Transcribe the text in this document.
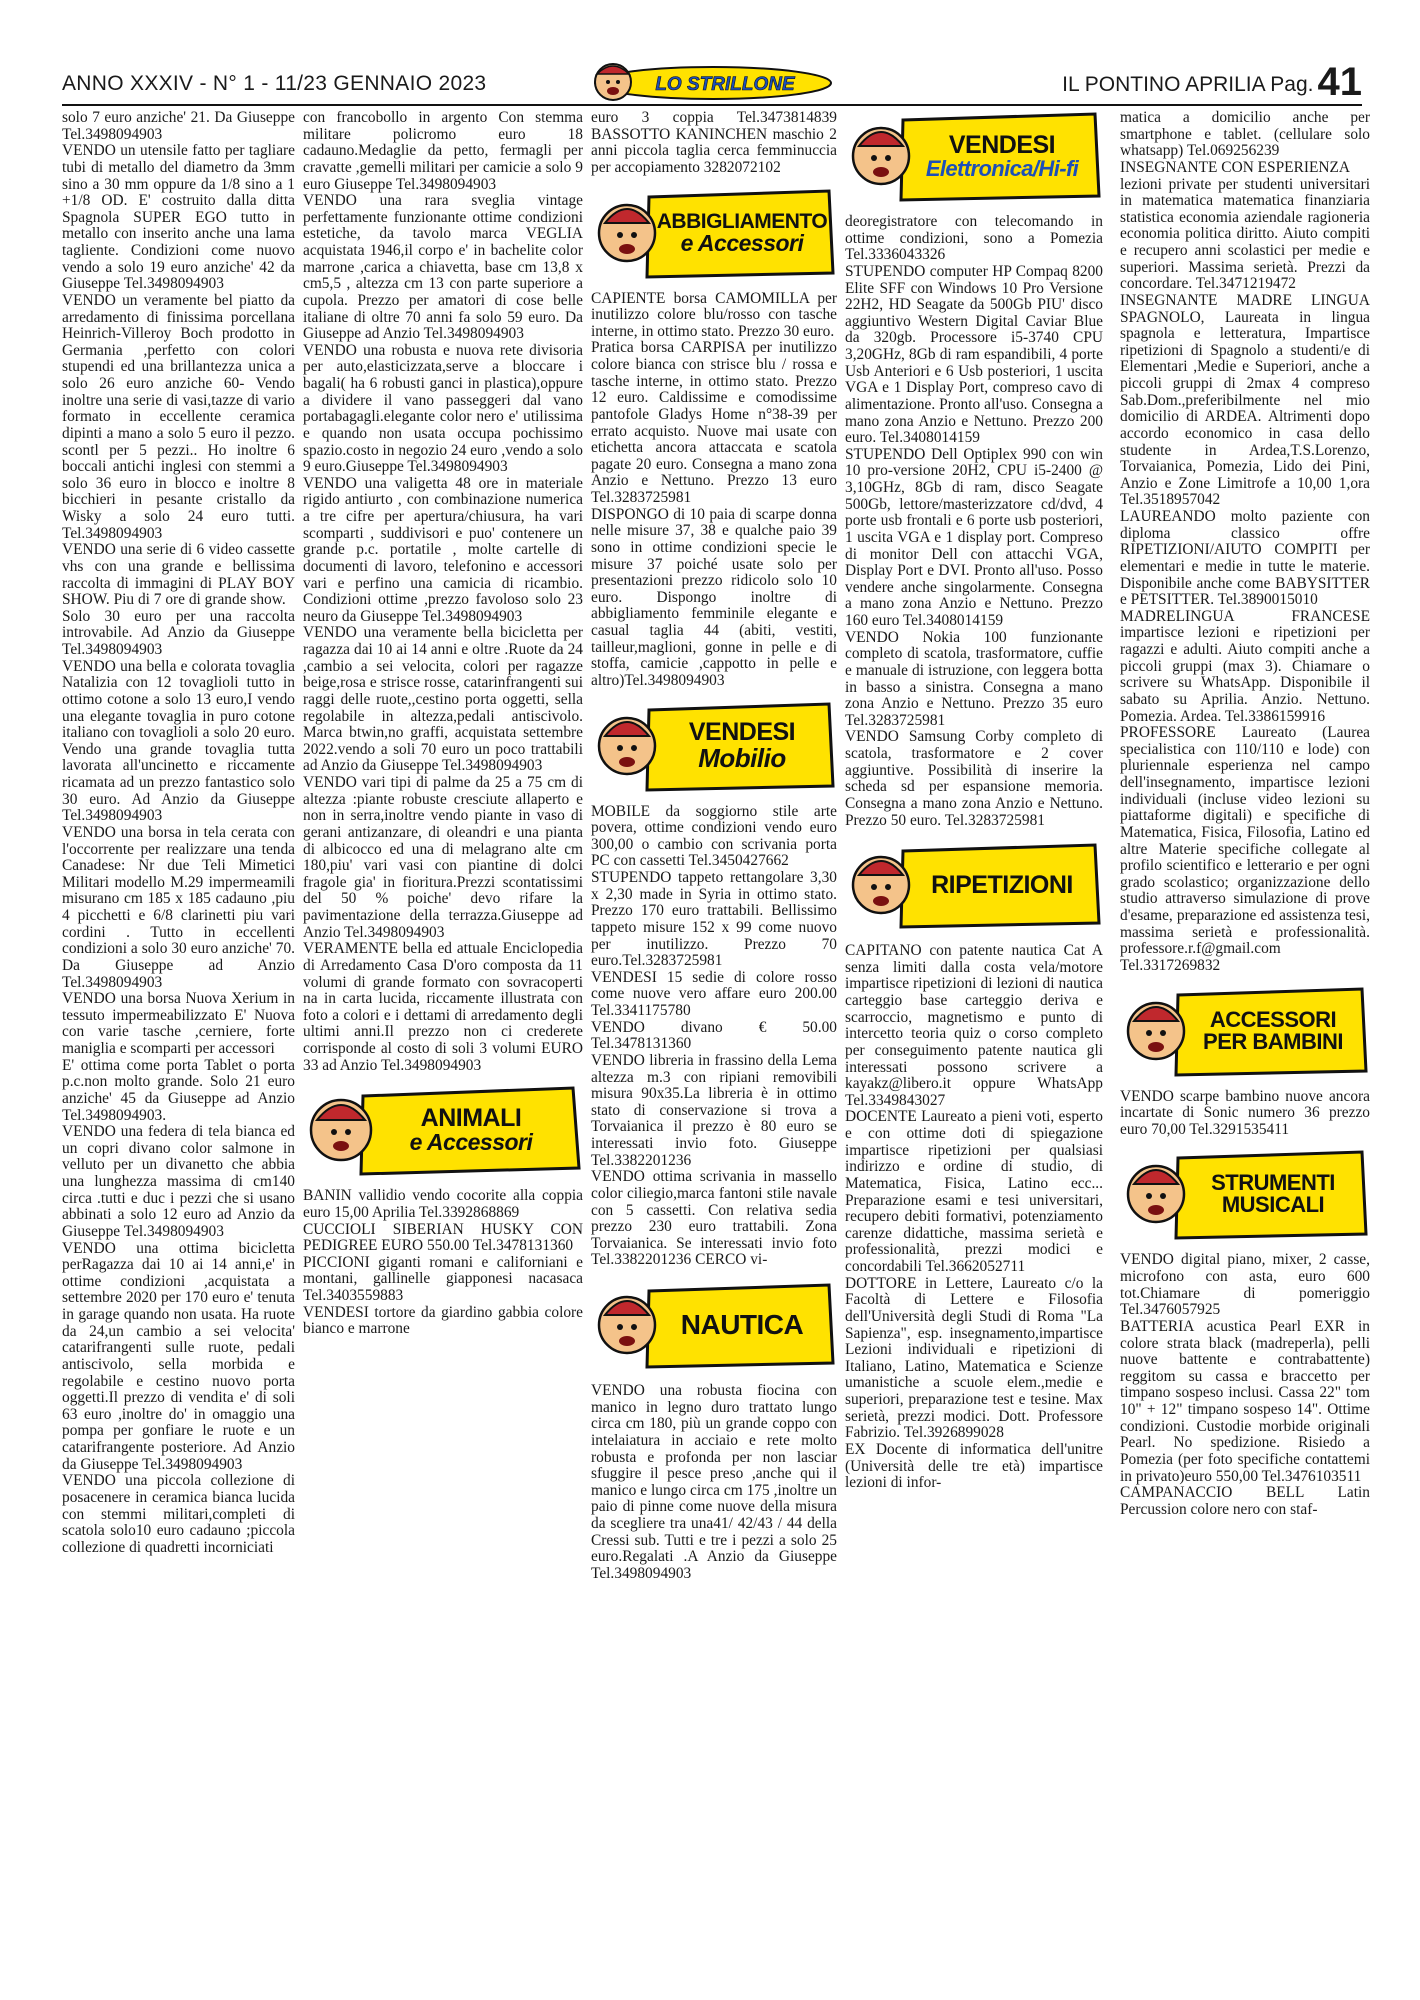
ANNO XXXIV - N° 1 - 11/23 GENNAIO 2023	IL PONTINO APRILIA Pag. 41
LO STRILLONE

solo 7 euro anziche' 21. Da Giuseppe Tel.3498094903

VENDO un utensile fatto per tagliare tubi di metallo del diametro da 3mm sino a 30 mm oppure da 1/8 sino a 1 +1/8 OD. E' costruito dalla ditta Spagnola SUPER EGO tutto in metallo con inserito anche una lama tagliente. Condizioni come nuovo vendo a solo 19 euro anziche' 42 da Giuseppe Tel.3498094903

VENDO un veramente bel piatto da arredamento di finissima porcellana Heinrich-Villeroy Boch prodotto in Germania ,perfetto con colori stupendi ed una brillantezza unica a solo 26 euro anziche 60- Vendo inoltre una serie di vasi,tazze di vario formato in eccellente ceramica dipinti a mano a solo 5 euro il pezzo. scontl per 5 pezzi.. Ho inoltre 6 boccali antichi inglesi con stemmi a solo 36 euro in blocco e inoltre 8 bicchieri in pesante cristallo da Wisky a solo 24 euro tutti. Tel.3498094903

VENDO una serie di 6 video cassette vhs con una grande e bellissima raccolta di immagini di PLAY BOY SHOW. Piu di 7 ore di grande show.

Solo 30 euro per una raccolta introvabile. Ad Anzio da Giuseppe Tel.3498094903

VENDO una bella e colorata tovaglia Natalizia con 12 tovaglioli tutto in ottimo cotone a solo 13 euro,I vendo una elegante tovaglia in puro cotone italiano con tovaglioli a solo 20 euro. Vendo una grande tovaglia tutta lavorata all'uncinetto e riccamente ricamata ad un prezzo fantastico solo 30 euro. Ad Anzio da Giuseppe Tel.3498094903

VENDO una borsa in tela cerata con l'occorrente per realizzare una tenda Canadese: Nr due Teli Mimetici Militari modello M.29 impermeamili misurano cm 185 x 185 cadauno ,piu 4 picchetti e 6/8 clarinetti piu vari cordini . Tutto in eccellenti condizioni a solo 30 euro anziche' 70. Da Giuseppe ad Anzio Tel.3498094903

VENDO una borsa Nuova Xerium in tessuto impermeabilizzato E' Nuova con varie tasche ,cerniere, forte maniglia e scomparti per accessori

E' ottima come porta Tablet o porta p.c.non molto grande. Solo 21 euro anziche' 45 da Giuseppe ad Anzio Tel.3498094903.

VENDO una federa di tela bianca ed un copri divano color salmone in velluto per un divanetto che abbia una lunghezza massima di cm140 circa .tutti e duc i pezzi che si usano abbinati a solo 12 euro ad Anzio da Giuseppe Tel.3498094903

VENDO una ottima bicicletta perRagazza dai 10 ai 14 anni,e' in ottime condizioni ,acquistata a settembre 2020 per 170 euro e' tenuta in garage quando non usata. Ha ruote da 24,un cambio a sei velocita' catarifrangenti sulle ruote, pedali antiscivolo, sella morbida e regolabile e cestino nuovo porta oggetti.Il prezzo di vendita e' di soli 63 euro ,inoltre do' in omaggio una pompa per gonfiare le ruote e un catarifrangente posteriore. Ad Anzio da Giuseppe Tel.3498094903

VENDO una piccola collezione di posacenere in ceramica bianca lucida con stemmi militari,completi di scatola solo10 euro cadauno ;piccola collezione di quadretti incorniciati

con francobollo in argento Con stemma militare policromo euro 18 cadauno.Medaglie da petto, fermagli per cravatte ,gemelli militari per camicie a solo 9 euro Giuseppe Tel.3498094903

VENDO una rara sveglia vintage perfettamente funzionante ottime condizioni estetiche, da tavolo marca VEGLIA acquistata 1946,il corpo e' in bachelite color marrone ,carica a chiavetta, base cm 13,8 x cm5,5 , altezza cm 13 con parte superiore a cupola. Prezzo per amatori di cose belle italiane di oltre 70 anni fa solo 59 euro. Da Giuseppe ad Anzio Tel.3498094903

VENDO una robusta e nuova rete divisoria per auto,elasticizzata,serve a bloccare i bagali( ha 6 robusti ganci in plastica),oppure a dividere il vano passeggeri dal vano portabagagli.elegante color nero e' utilissima e quando non usata occupa pochissimo spazio.costo in negozio 24 euro ,vendo a solo 9 euro.Giuseppe Tel.3498094903

VENDO una valigetta 48 ore in materiale rigido antiurto , con combinazione numerica a tre cifre per apertura/chiusura, ha vari scomparti , suddivisori e puo' contenere un grande p.c. portatile , molte cartelle di documenti di lavoro, telefonino e accessori vari e perfino una camicia di ricambio. Condizioni ottime ,prezzo favoloso solo 23 neuro da Giuseppe Tel.3498094903

VENDO una veramente bella bicicletta per ragazza dai 10 ai 14 anni e oltre .Ruote da 24 ,cambio a sei velocita, colori per ragazze beige,rosa e strisce rosse, catarinfrangenti sui raggi delle ruote,,cestino porta oggetti, sella regolabile in altezza,pedali antiscivolo. Marca btwin,no graffi, acquistata settembre 2022.vendo a soli 70 euro un poco trattabili ad Anzio da Giuseppe Tel.3498094903

VENDO vari tipi di palme da 25 a 75 cm di altezza :piante robuste cresciute allaperto e non in serra,inoltre vendo piante in vaso di gerani antizanzare, di oleandri e una pianta di albicocco ed una di melagrano alte cm 180,piu' vari vasi con piantine di dolci fragole gia' in fioritura.Prezzi scontatissimi del 50 % poiche' devo rifare la pavimentazione della terrazza.Giuseppe ad Anzio Tel.3498094903

VERAMENTE bella ed attuale Enciclopedia di Arredamento Casa D'oro composta da 11 volumi di grande formato con sovracoperti na in carta lucida, riccamente illustrata con foto a colori e i dettami di arredamento degli ultimi anni.Il prezzo non ci crederete corrisponde al costo di soli 3 volumi EURO 33 ad Anzio Tel.3498094903

ANIMALI
e Accessori

BANIN vallidio vendo cocorite alla coppia euro 15,00 Aprilia Tel.3392868869

CUCCIOLI SIBERIAN HUSKY CON PEDIGREE EURO 550.00 Tel.3478131360

PICCIONI giganti romani e californiani e montani, gallinelle giapponesi nacasaca Tel.3403559883

VENDESI tortore da giardino gabbia colore bianco e marrone

euro 3 coppia Tel.3473814839 BASSOTTO KANINCHEN maschio 2 anni piccola taglia cerca femminuccia per accopiamento 3282072102

ABBIGLIAMENTO
e Accessori

CAPIENTE borsa CAMOMILLA per inutilizzo colore blu/rosso con tasche interne, in ottimo stato. Prezzo 30 euro.

Pratica borsa CARPISA per inutilizzo colore bianca con strisce blu / rossa e tasche interne, in ottimo stato. Prezzo 12 euro. Caldissime e comodissime pantofole Gladys Home n°38-39 per errato acquisto. Nuove mai usate con etichetta ancora attaccata e scatola pagate 20 euro. Consegna a mano zona Anzio e Nettuno. Prezzo 13 euro Tel.3283725981

DISPONGO di 10 paia di scarpe donna nelle misure 37, 38 e qualche paio 39 sono in ottime condizioni specie le misure 37 poiché usate solo per presentazioni prezzo ridicolo solo 10 euro. Dispongo inoltre di abbigliamento femminile elegante e casual taglia 44 (abiti, vestiti, tailleur,maglioni, gonne in pelle e di stoffa, camicie ,cappotto in pelle e altro)Tel.3498094903

VENDESI
Mobilio

MOBILE da soggiorno stile arte povera, ottime condizioni vendo euro 300,00 o cambio con scrivania porta PC con cassetti Tel.3450427662

STUPENDO tappeto rettangolare 3,30 x 2,30 made in Syria in ottimo stato. Prezzo 170 euro trattabili. Bellissimo tappeto misure 152 x 99 come nuovo per inutilizzo. Prezzo 70 euro.Tel.3283725981

VENDESI 15 sedie di colore rosso come nuove vero affare euro 200.00 Tel.3341175780

VENDO divano € 50.00 Tel.3478131360

VENDO libreria in frassino della Lema altezza m.3 con ripiani removibili misura 90x35.La libreria è in ottimo stato di conservazione si trova a Torvaianica il prezzo è 80 euro se interessati invio foto. Giuseppe Tel.3382201236

VENDO ottima scrivania in massello color ciliegio,marca fantoni stile navale con 5 cassetti. Con relativa sedia prezzo 230 euro trattabili. Zona Torvaianica. Se interessati invio foto Tel.3382201236 CERCO vi-

NAUTICA

VENDO una robusta fiocina con manico in legno duro trattato lungo circa cm 180, più un grande coppo con intelaiatura in acciaio e rete molto robusta e profonda per non lasciar sfuggire il pesce preso ,anche qui il manico e lungo circa cm 175 ,inoltre un paio di pinne come nuove della misura da scegliere tra una41/ 42/43 / 44 della Cressi sub. Tutti e tre i pezzi a solo 25 euro.Regalati .A Anzio da Giuseppe Tel.3498094903

VENDESI
Elettronica/Hi-fi

deoregistratore con telecomando in ottime condizioni, sono a Pomezia Tel.3336043326

STUPENDO computer HP Compaq 8200 Elite SFF con Windows 10 Pro Versione 22H2, HD Seagate da 500Gb PIU' disco aggiuntivo Western Digital Caviar Blue da 320gb. Processore i5-3740 CPU 3,20GHz, 8Gb di ram espandibili, 4 porte Usb Anteriori e 6 Usb posteriori, 1 uscita VGA e 1 Display Port, compreso cavo di alimentazione. Pronto all'uso. Consegna a mano zona Anzio e Nettuno. Prezzo 200 euro. Tel.3408014159

STUPENDO Dell Optiplex 990 con win 10 pro-versione 20H2, CPU i5-2400 @ 3,10GHz, 8Gb di ram, disco Seagate 500Gb, lettore/masterizzatore cd/dvd, 4 porte usb frontali e 6 porte usb posteriori, 1 uscita VGA e 1 display port. Compreso di monitor Dell con attacchi VGA, Display Port e DVI. Pronto all'uso. Posso vendere anche singolarmente. Consegna a mano zona Anzio e Nettuno. Prezzo 160 euro Tel.3408014159

VENDO Nokia 100 funzionante completo di scatola, trasformatore, cuffie e manuale di istruzione, con leggera botta in basso a sinistra. Consegna a mano zona Anzio e Nettuno. Prezzo 35 euro Tel.3283725981

VENDO Samsung Corby completo di scatola, trasformatore e 2 cover aggiuntive. Possibilità di inserire la scheda sd per espansione memoria. Consegna a mano zona Anzio e Nettuno. Prezzo 50 euro. Tel.3283725981

RIPETIZIONI

CAPITANO con patente nautica Cat A senza limiti dalla costa vela/motore impartisce ripetizioni di lezioni di nautica carteggio base carteggio deriva e scarroccio, magnetismo e punto di intercetto teoria quiz o corso completo per conseguimento patente nautica gli interessati possono scrivere a kayakz@libero.it oppure WhatsApp Tel.3349843027

DOCENTE Laureato a pieni voti, esperto e con ottime doti di spiegazione impartisce ripetizioni per qualsiasi indirizzo e ordine di studio, di Matematica, Fisica, Latino ecc... Preparazione esami e tesi universitari, recupero debiti formativi, potenziamento carenze didattiche, massima serietà e professionalità, prezzi modici e concordabili Tel.3662052711

DOTTORE in Lettere, Laureato c/o la Facoltà di Lettere e Filosofia dell'Università degli Studi di Roma "La Sapienza", esp. insegnamento,impartisce Lezioni individuali e ripetizioni di Italiano, Latino, Matematica e Scienze umanistiche a scuole elem.,medie e superiori, preparazione test e tesine. Max serietà, prezzi modici. Dott. Professore Fabrizio. Tel.3926899028

EX Docente di informatica dell'unitre (Università delle tre età) impartisce lezioni di infor-

matica a domicilio anche per smartphone e tablet. (cellulare solo whatsapp) Tel.069256239

INSEGNANTE CON ESPERIENZA

lezioni private per studenti universitari in matematica matematica finanziaria statistica economia aziendale ragioneria economia politica diritto. Aiuto compiti e recupero anni scolastici per medie e superiori. Massima serietà. Prezzi da concordare. Tel.3471219472

INSEGNANTE MADRE LINGUA SPAGNOLO, Laureata in lingua spagnola e letteratura, Impartisce ripetizioni di Spagnolo a studenti/e di Elementari ,Medie e Superiori, anche a piccoli gruppi di 2max 4 compreso Sab.Dom.,preferibilmente nel mio domicilio di ARDEA. Altrimenti dopo accordo economico in casa dello studente in Ardea,T.S.Lorenzo, Torvaianica, Pomezia, Lido dei Pini, Anzio e Zone Limitrofe a 10,00 1,ora Tel.3518957042

LAUREANDO molto paziente con diploma classico offre RIPETIZIONI/AIUTO COMPITI per elementari e medie in tutte le materie. Disponibile anche come BABYSITTER e PETSITTER. Tel.3890015010

MADRELINGUA FRANCESE impartisce lezioni e ripetizioni per ragazzi e adulti. Aiuto compiti anche a piccoli gruppi (max 3). Chiamare o scrivere su WhatsApp. Disponibile il sabato su Aprilia. Anzio. Nettuno. Pomezia. Ardea. Tel.3386159916

PROFESSORE Laureato (Laurea specialistica con 110/110 e lode) con pluriennale esperienza nel campo dell'insegnamento, impartisce lezioni individuali (incluse video lezioni su piattaforme digitali) e specifiche di Matematica, Fisica, Filosofia, Latino ed altre Materie specifiche collegate al profilo scientifico e letterario e per ogni grado scolastico; organizzazione dello studio attraverso simulazione di prove d'esame, preparazione ed assistenza tesi, massima serietà e professionalità. professore.r.f@gmail.com Tel.3317269832

ACCESSORI
PER BAMBINI

VENDO scarpe bambino nuove ancora incartate di Sonic numero 36 prezzo euro 70,00 Tel.3291535411

STRUMENTI
MUSICALI

VENDO digital piano, mixer, 2 casse, microfono con asta, euro 600 tot.Chiamare di pomeriggio Tel.3476057925

BATTERIA acustica Pearl EXR in colore strata black (madreperla), pelli nuove battente e contrabattente) reggitom su cassa e braccetto per timpano sospeso inclusi. Cassa 22" tom 10" + 12" timpano sospeso 14". Ottime condizioni. Custodie morbide originali Pearl. No spedizione. Risiedo a Pomezia (per foto specifiche contattemi in privato)euro 550,00 Tel.3476103511

CAMPANACCIO BELL Latin Percussion colore nero con staf-
